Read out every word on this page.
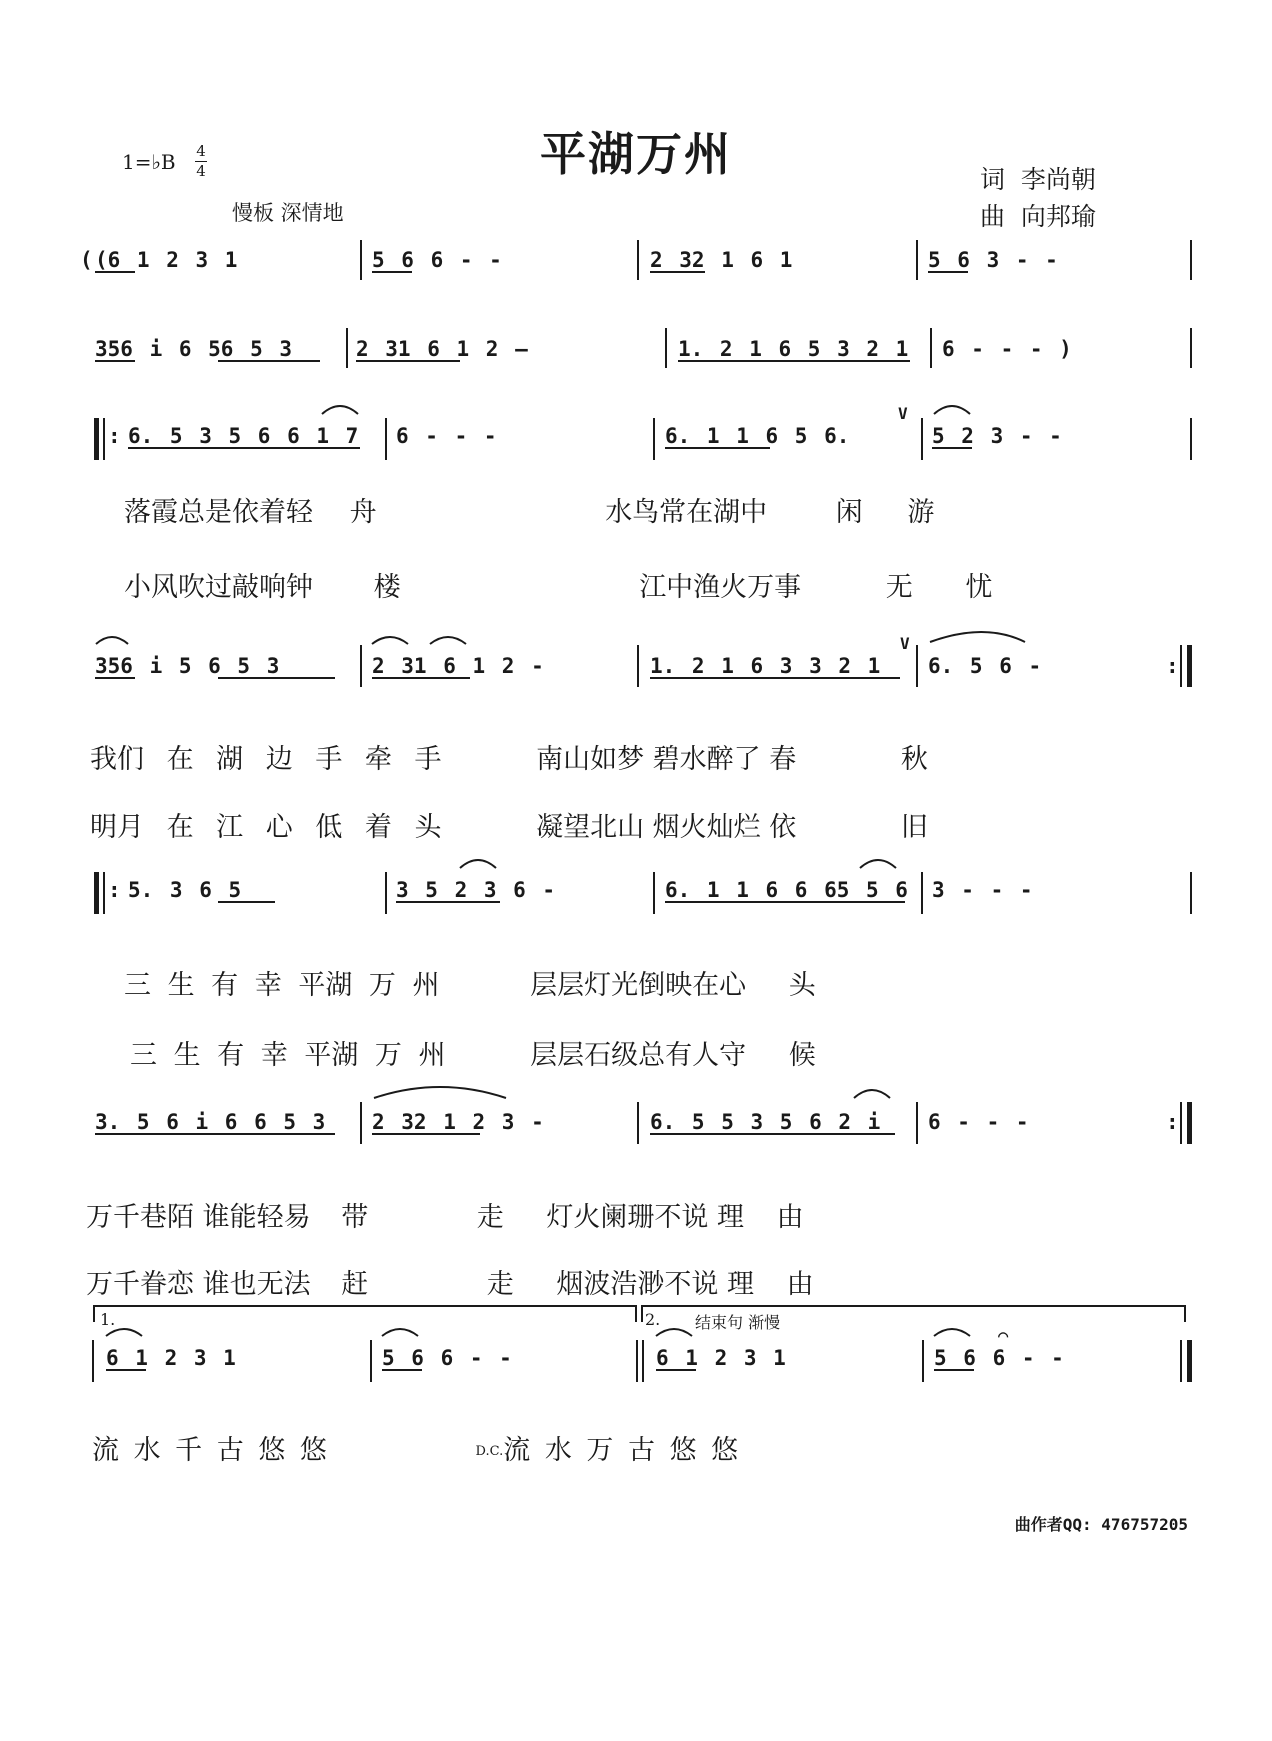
平湖万州
1=♭B 4
4
慢板 深情地
词 李尚朝
曲 向邦瑜
( (6 1 2 3 1	5 6 6 - -	2 32 1 6 1	5 6 3 - -
356 i 6 56 5 3	2 31 6 1 2 —	1. 2 1 6 5 3 2 1 6 - - - )
: 6. 5 3 5 6 6 1 7 6 - - -	6. 1 1 6 5 6.
V
5 2 3 - -
落霞总是依着轻 舟	水鸟常在湖中	闲 游
小风吹过敲响钟 楼	江中渔火万事	无 忧
356 i 5 6 5 3	2 31 6 1 2 -	1. 2 1 6 3 3 2 1
V
6. 5 6 -	:
我们 在 湖 边 手 牵 手	南山如梦 碧水醉了 春	秋
明月 在 江 心 低 着 头	凝望北山 烟火灿烂 依	旧
: 5. 3 6 5	3 5 2 3 6 -	6. 1 1 6 6 65 5 6 3 - - -
三 生 有 幸 平湖 万 州	层层灯光倒映在心 头
三 生 有 幸 平湖 万 州	层层石级总有人守 候
3. 5 6 i 6 6 5 3 2 32 1 2 3 -	6. 5 5 3 5 6 2 i 6 - - -	:
万千巷陌 谁能轻易 带	走 灯火阑珊不说 理 由
万千眷恋 谁也无法 赶	走 烟波浩渺不说 理 由
1.	2. 结束句 渐慢
6 1 2 3 1	5 6 6 - -	6 1 2 3 1	5 6 6 - -
⌒
流 水 千 古 悠 悠	D.C.流 水 万 古 悠 悠
曲作者QQ: 476757205
